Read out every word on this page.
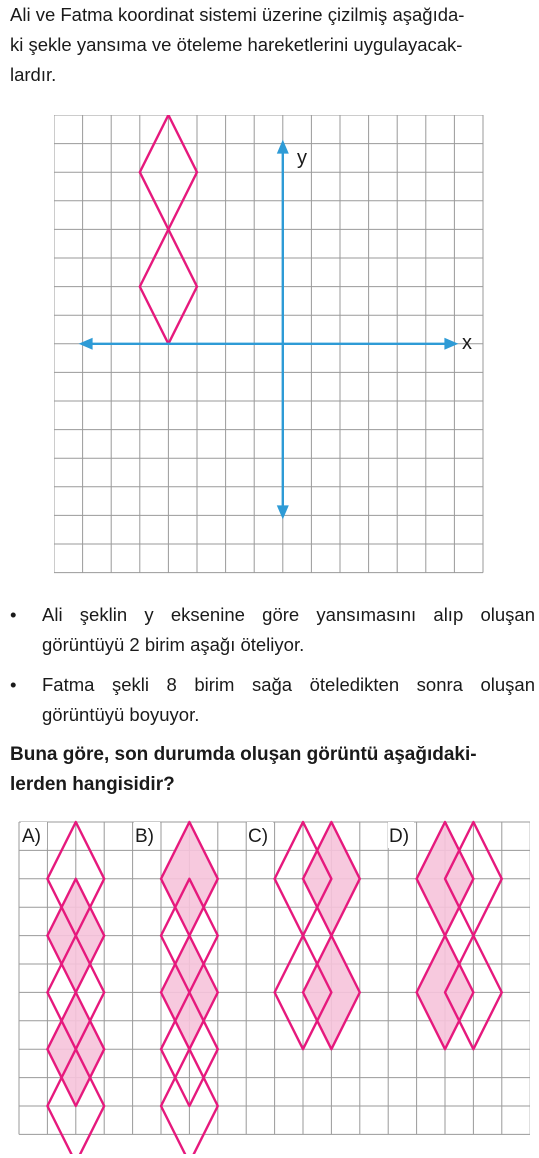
Ali ve Fatma koordinat sistemi üzerine çizilmiş aşağıda-
ki şekle yansıma ve öteleme hareketlerini uygulayacak-
lardır.
x
y
• Ali şeklin y eksenine göre yansımasını alıp oluşan görüntüyü 2 birim aşağı öteliyor.
• Fatma şekli 8 birim sağa öteledikten sonra oluşan görüntüyü boyuyor.
Buna göre, son durumda oluşan görüntü aşağıdaki-
lerden hangisidir?
A)	B)	C)	D)
